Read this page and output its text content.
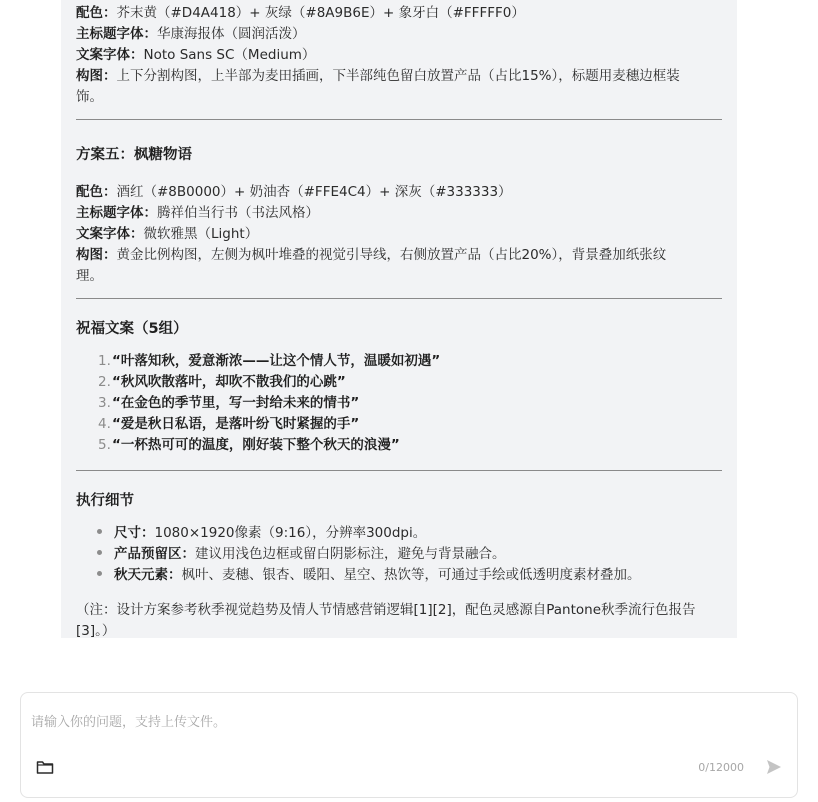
配色：芥末黄（#D4A418）+ 灰绿（#8A9B6E）+ 象牙白（#FFFFF0）
主标题字体：华康海报体（圆润活泼）
文案字体：Noto Sans SC（Medium）
构图：上下分割构图，上半部为麦田插画，下半部纯色留白放置产品（占比15%），标题用麦穗边框装
饰。
方案五：枫糖物语
配色：酒红（#8B0000）+ 奶油杏（#FFE4C4）+ 深灰（#333333）
主标题字体：腾祥伯当行书（书法风格）
文案字体：微软雅黑（Light）
构图：黄金比例构图，左侧为枫叶堆叠的视觉引导线，右侧放置产品（占比20%），背景叠加纸张纹
理。
祝福文案（5组）
1.“叶落知秋，爱意渐浓——让这个情人节，温暖如初遇”
2.“秋风吹散落叶，却吹不散我们的心跳”
3.“在金色的季节里，写一封给未来的情书”
4.“爱是秋日私语，是落叶纷飞时紧握的手”
5.“一杯热可可的温度，刚好装下整个秋天的浪漫”
执行细节
尺寸：1080×1920像素（9:16），分辨率300dpi。
产品预留区：建议用浅色边框或留白阴影标注，避免与背景融合。
秋天元素：枫叶、麦穗、银杏、暖阳、星空、热饮等，可通过手绘或低透明度素材叠加。
（注：设计方案参考秋季视觉趋势及情人节情感营销逻辑[1][2]，配色灵感源自Pantone秋季流行色报告
[3]。）
请输入你的问题，支持上传文件。
0/12000
